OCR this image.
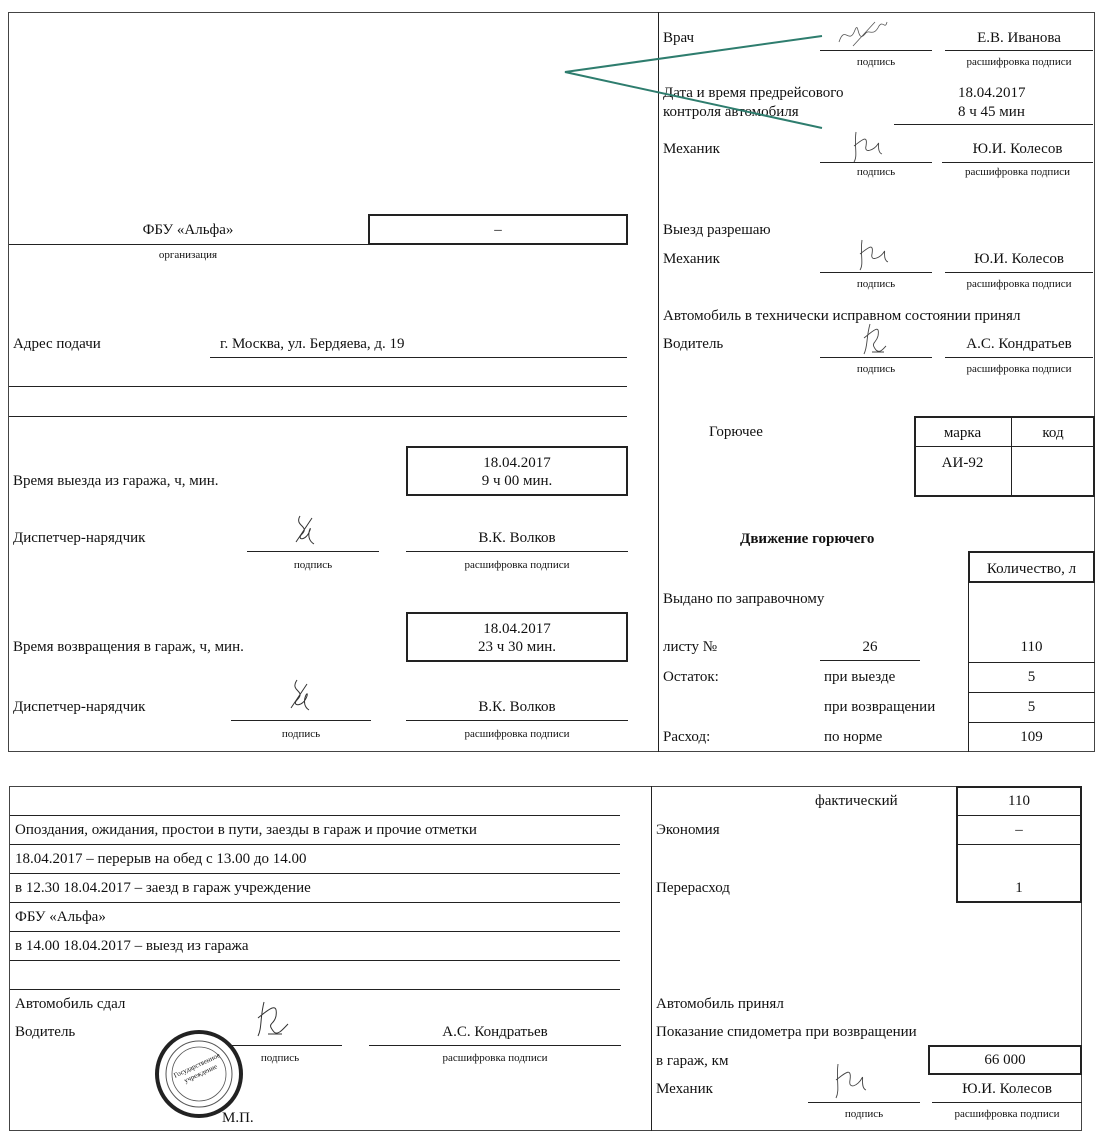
ФБУ «Альфа»	–
организация
Адрес подачи	г. Москва, ул. Бердяева, д. 19
Время выезда из гаража, ч, мин.
18.04.2017
9 ч 00 мин.
Диспетчер-нарядчик
подпись
В.К. Волков
расшифровка подписи
Время возвращения в гараж, ч, мин.
18.04.2017
23 ч 30 мин.
Диспетчер-нарядчик
подпись
В.К. Волков
расшифровка подписи
Врач
подпись
Е.В. Иванова
расшифровка подписи
Дата и время предрейсового
контроля автомобиля
18.04.2017
8 ч 45 мин
Механик
подпись
Ю.И. Колесов
расшифровка подписи
Выезд разрешаю
Механик
подпись
Ю.И. Колесов
расшифровка подписи
Автомобиль в технически исправном состоянии принял
Водитель
подпись
А.С. Кондратьев
расшифровка подписи
Горючее	марка	код
АИ-92
Движение горючего
Количество, л
Выдано по заправочному
листу №	26	110
Остаток:	при выезде	5
при возвращении	5
Расход:	по норме	109
Опоздания, ожидания, простои в пути, заезды в гараж и прочие отметки
18.04.2017 – перерыв на обед с 13.00 до 14.00
в 12.30 18.04.2017 – заезд в гараж учреждение
ФБУ «Альфа»
в 14.00 18.04.2017 – выезд из гаража
Автомобиль сдал
Водитель
подпись
А.С. Кондратьев
расшифровка подписи
Государственное учреждение
М.П.
фактический	110
Экономия	–
Перерасход	1
Автомобиль принял
Показание спидометра при возвращении
в гараж, км	66 000
Механик
подпись
Ю.И. Колесов
расшифровка подписи
